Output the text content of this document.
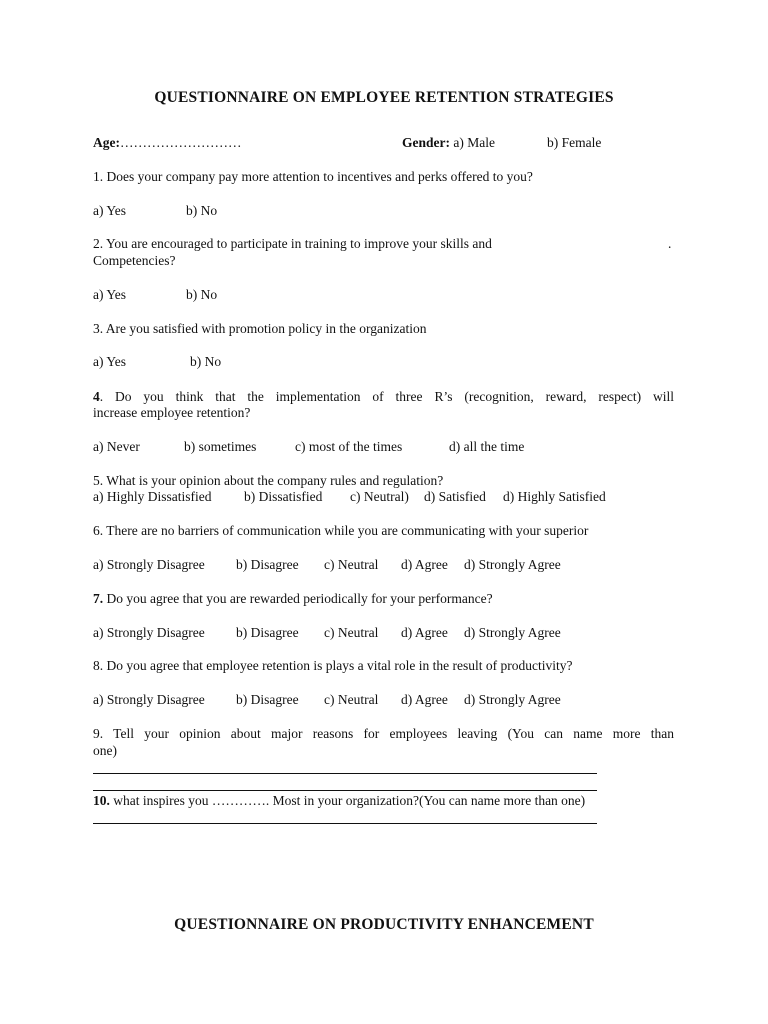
QUESTIONNAIRE ON EMPLOYEE RETENTION STRATEGIES
Age:………………………	Gender: a) Male	b) Female
1. Does your company pay more attention to incentives and perks offered to you?
a) Yes	b) No
2. You are encouraged to participate in training to improve your skills and	.
Competencies?
a) Yes	b) No
3. Are you satisfied with promotion policy in the organization
a) Yes	b) No
4. Do you think that the implementation of three R’s (recognition, reward, respect) will
increase employee retention?
a) Never	b) sometimes	c) most of the times	d) all the time
5. What is your opinion about the company rules and regulation?
a) Highly Dissatisfied b) Dissatisfied c) Neutral) d) Satisfied d) Highly Satisfied
6. There are no barriers of communication while you are communicating with your superior
a) Strongly Disagree b) Disagree c) Neutral d) Agree d) Strongly Agree
7. Do you agree that you are rewarded periodically for your performance?
a) Strongly Disagree b) Disagree c) Neutral d) Agree d) Strongly Agree
8. Do you agree that employee retention is plays a vital role in the result of productivity?
a) Strongly Disagree b) Disagree c) Neutral d) Agree d) Strongly Agree
9. Tell your opinion about major reasons for employees leaving (You can name more than
one)
10. what inspires you …………. Most in your organization?(You can name more than one)
QUESTIONNAIRE ON PRODUCTIVITY ENHANCEMENT
